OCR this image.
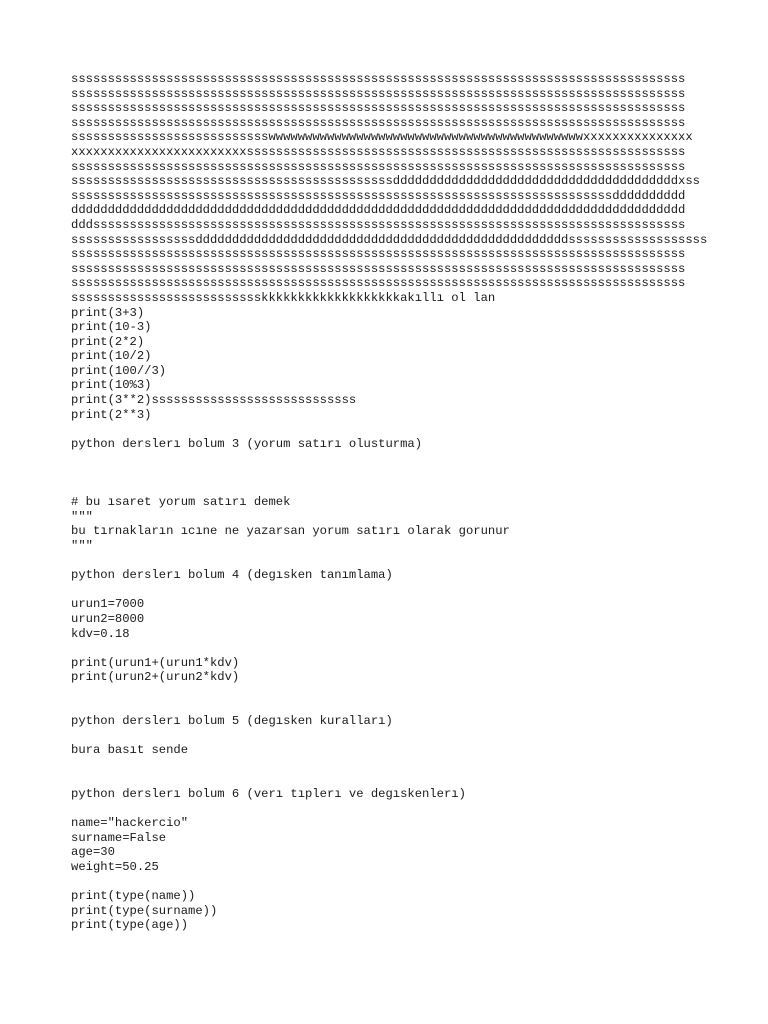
ssssssssssssssssssssssssssssssssssssssssssssssssssssssssssssssssssssssssssssssssssss
ssssssssssssssssssssssssssssssssssssssssssssssssssssssssssssssssssssssssssssssssssss
ssssssssssssssssssssssssssssssssssssssssssssssssssssssssssssssssssssssssssssssssssss
ssssssssssssssssssssssssssssssssssssssssssssssssssssssssssssssssssssssssssssssssssss
ssssssssssssssssssssssssssswwwwwwwwwwwwwwwwwwwwwwwwwwwwwwwwwwwwwwwwwwwxxxxxxxxxxxxxxx
xxxxxxxxxxxxxxxxxxxxxxxxssssssssssssssssssssssssssssssssssssssssssssssssssssssssssss
ssssssssssssssssssssssssssssssssssssssssssssssssssssssssssssssssssssssssssssssssssss
ssssssssssssssssssssssssssssssssssssssssssssdddddddddddddddddddddddddddddddddddddddxss
ssssssssssssssssssssssssssssssssssssssssssssssssssssssssssssssssssssssssssdddddddddd
dddddddddddddddddddddddddddddddddddddddddddddddddddddddddddddddddddddddddddddddddddd
dddsssssssssssssssssssssssssssssssssssssssssssssssssssssssssssssssssssssssssssssssss
sssssssssssssssssdddddddddddddddddddddddddddddddddddddddddddddddddddsssssssssssssssssss
ssssssssssssssssssssssssssssssssssssssssssssssssssssssssssssssssssssssssssssssssssss
ssssssssssssssssssssssssssssssssssssssssssssssssssssssssssssssssssssssssssssssssssss
ssssssssssssssssssssssssssssssssssssssssssssssssssssssssssssssssssssssssssssssssssss
sssssssssssssssssssssssssskkkkkkkkkkkkkkkkkkkakıllı ol lan
print(3+3)
print(10-3)
print(2*2)
print(10/2)
print(100//3)
print(10%3)
print(3**2)ssssssssssssssssssssssssssss
print(2**3)
python derslerı bolum 3 (yorum satırı olusturma)
# bu ısaret yorum satırı demek
"""
bu tırnakların ıcıne ne yazarsan yorum satırı olarak gorunur
"""
python derslerı bolum 4 (degısken tanımlama)
urun1=7000
urun2=8000
kdv=0.18
print(urun1+(urun1*kdv)
print(urun2+(urun2*kdv)
python derslerı bolum 5 (degısken kuralları)
bura basıt sende
python derslerı bolum 6 (verı tıplerı ve degıskenlerı)
name="hackercio"
surname=False
age=30
weight=50.25
print(type(name))
print(type(surname))
print(type(age))
